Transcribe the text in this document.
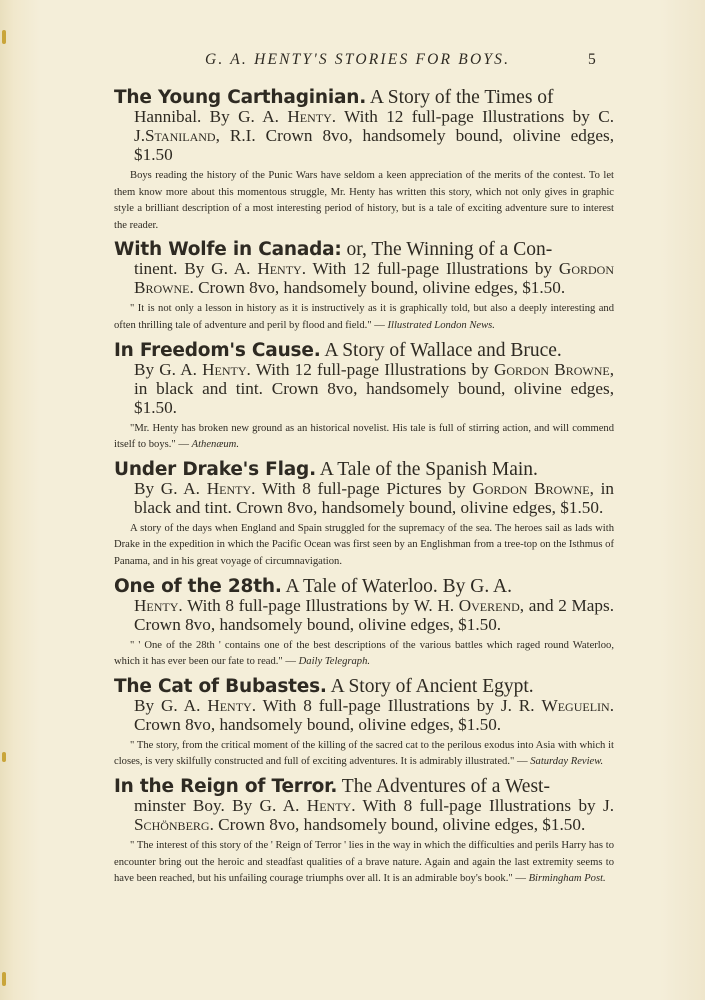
G. A. HENTY'S STORIES FOR BOYS.	5

The Young Carthaginian. A Story of the Times of
Hannibal. By G. A. Henty. With 12 full-page Illustrations by C. J.Staniland, R.I. Crown 8vo, handsomely bound, olivine edges, $1.50

Boys reading the history of the Punic Wars have seldom a keen appreciation of the merits of the contest. To let them know more about this momentous struggle, Mr. Henty has written this story, which not only gives in graphic style a brilliant description of a most interesting period of history, but is a tale of exciting adventure sure to interest the reader.

With Wolfe in Canada: or, The Winning of a Con-
tinent. By G. A. Henty. With 12 full-page Illustrations by Gordon Browne. Crown 8vo, handsomely bound, olivine edges, $1.50.

" It is not only a lesson in history as it is instructively as it is graphically told, but also a deeply interesting and often thrilling tale of adventure and peril by flood and field." — Illustrated London News.

In Freedom's Cause. A Story of Wallace and Bruce.
By G. A. Henty. With 12 full-page Illustrations by Gordon Browne, in black and tint. Crown 8vo, handsomely bound, olivine edges, $1.50.

"Mr. Henty has broken new ground as an historical novelist. His tale is full of stirring action, and will commend itself to boys." — Athenæum.

Under Drake's Flag. A Tale of the Spanish Main.
By G. A. Henty. With 8 full-page Pictures by Gordon Browne, in black and tint. Crown 8vo, handsomely bound, olivine edges, $1.50.

A story of the days when England and Spain struggled for the supremacy of the sea. The heroes sail as lads with Drake in the expedition in which the Pacific Ocean was first seen by an Englishman from a tree-top on the Isthmus of Panama, and in his great voyage of circumnavigation.

One of the 28th. A Tale of Waterloo. By G. A.
Henty. With 8 full-page Illustrations by W. H. Overend, and 2 Maps. Crown 8vo, handsomely bound, olivine edges, $1.50.

" ' One of the 28th ' contains one of the best descriptions of the various battles which raged round Waterloo, which it has ever been our fate to read." — Daily Telegraph.

The Cat of Bubastes. A Story of Ancient Egypt.
By G. A. Henty. With 8 full-page Illustrations by J. R. Weguelin. Crown 8vo, handsomely bound, olivine edges, $1.50.

" The story, from the critical moment of the killing of the sacred cat to the perilous exodus into Asia with which it closes, is very skilfully constructed and full of exciting adventures. It is admirably illustrated." — Saturday Review.

In the Reign of Terror. The Adventures of a West-
minster Boy. By G. A. Henty. With 8 full-page Illustrations by J. Schönberg. Crown 8vo, handsomely bound, olivine edges, $1.50.

" The interest of this story of the ' Reign of Terror ' lies in the way in which the difficulties and perils Harry has to encounter bring out the heroic and steadfast qualities of a brave nature. Again and again the last extremity seems to have been reached, but his unfailing courage triumphs over all. It is an admirable boy's book." — Birmingham Post.
